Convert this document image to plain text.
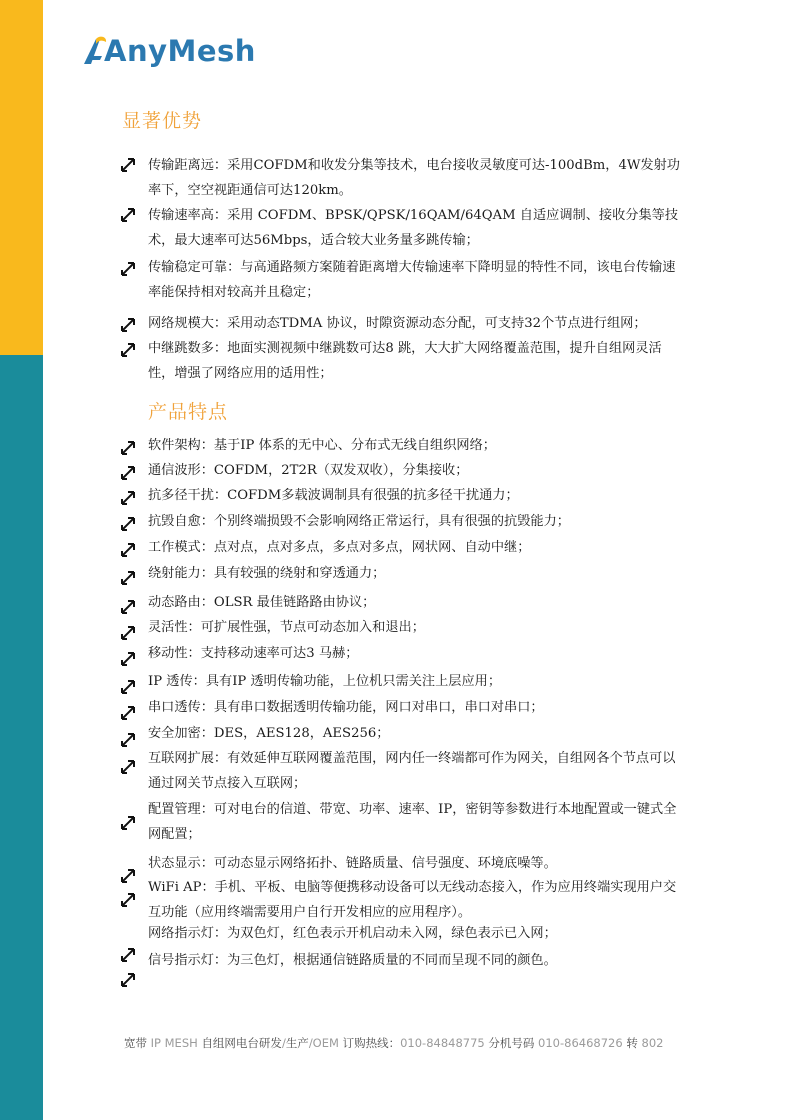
AnyMesh
显著优势
传输距离远：采用COFDM和收发分集等技术，电台接收灵敏度可达-100dBm，4W发射功率下，空空视距通信可达120km。
传输速率高：采用 COFDM、BPSK/QPSK/16QAM/64QAM 自适应调制、接收分集等技术，最大速率可达56Mbps，适合较大业务量多跳传输；
传输稳定可靠：与高通路频方案随着距离增大传输速率下降明显的特性不同，该电台传输速率能保持相对较高并且稳定；
网络规模大：采用动态TDMA 协议，时隙资源动态分配，可支持32个节点进行组网；
中继跳数多：地面实测视频中继跳数可达8 跳，大大扩大网络覆盖范围，提升自组网灵活性，增强了网络应用的适用性；
产品特点
软件架构：基于IP 体系的无中心、分布式无线自组织网络；
通信波形：COFDM，2T2R（双发双收），分集接收；
抗多径干扰：COFDM多载波调制具有很强的抗多径干扰通力；
抗毁自愈：个别终端损毁不会影响网络正常运行，具有很强的抗毁能力；
工作模式：点对点，点对多点，多点对多点，网状网、自动中继；
绕射能力：具有较强的绕射和穿透通力；
动态路由：OLSR 最佳链路路由协议；
灵活性：可扩展性强，节点可动态加入和退出；
移动性：支持移动速率可达3 马赫；
IP 透传：具有IP 透明传输功能，上位机只需关注上层应用；
串口透传：具有串口数据透明传输功能，网口对串口，串口对串口；
安全加密：DES，AES128，AES256；
互联网扩展：有效延伸互联网覆盖范围，网内任一终端都可作为网关，自组网各个节点可以通过网关节点接入互联网；
配置管理：可对电台的信道、带宽、功率、速率、IP，密钥等参数进行本地配置或一键式全网配置；
状态显示：可动态显示网络拓扑、链路质量、信号强度、环境底噪等。
WiFi AP：手机、平板、电脑等便携移动设备可以无线动态接入，作为应用终端实现用户交互功能（应用终端需要用户自行开发相应的应用程序）。
网络指示灯：为双色灯，红色表示开机启动未入网，绿色表示已入网；
信号指示灯：为三色灯，根据通信链路质量的不同而呈现不同的颜色。
宽带 IP MESH 自组网电台研发/生产/OEM 订购热线：010-84848775 分机号码 010-86468726 转 802
